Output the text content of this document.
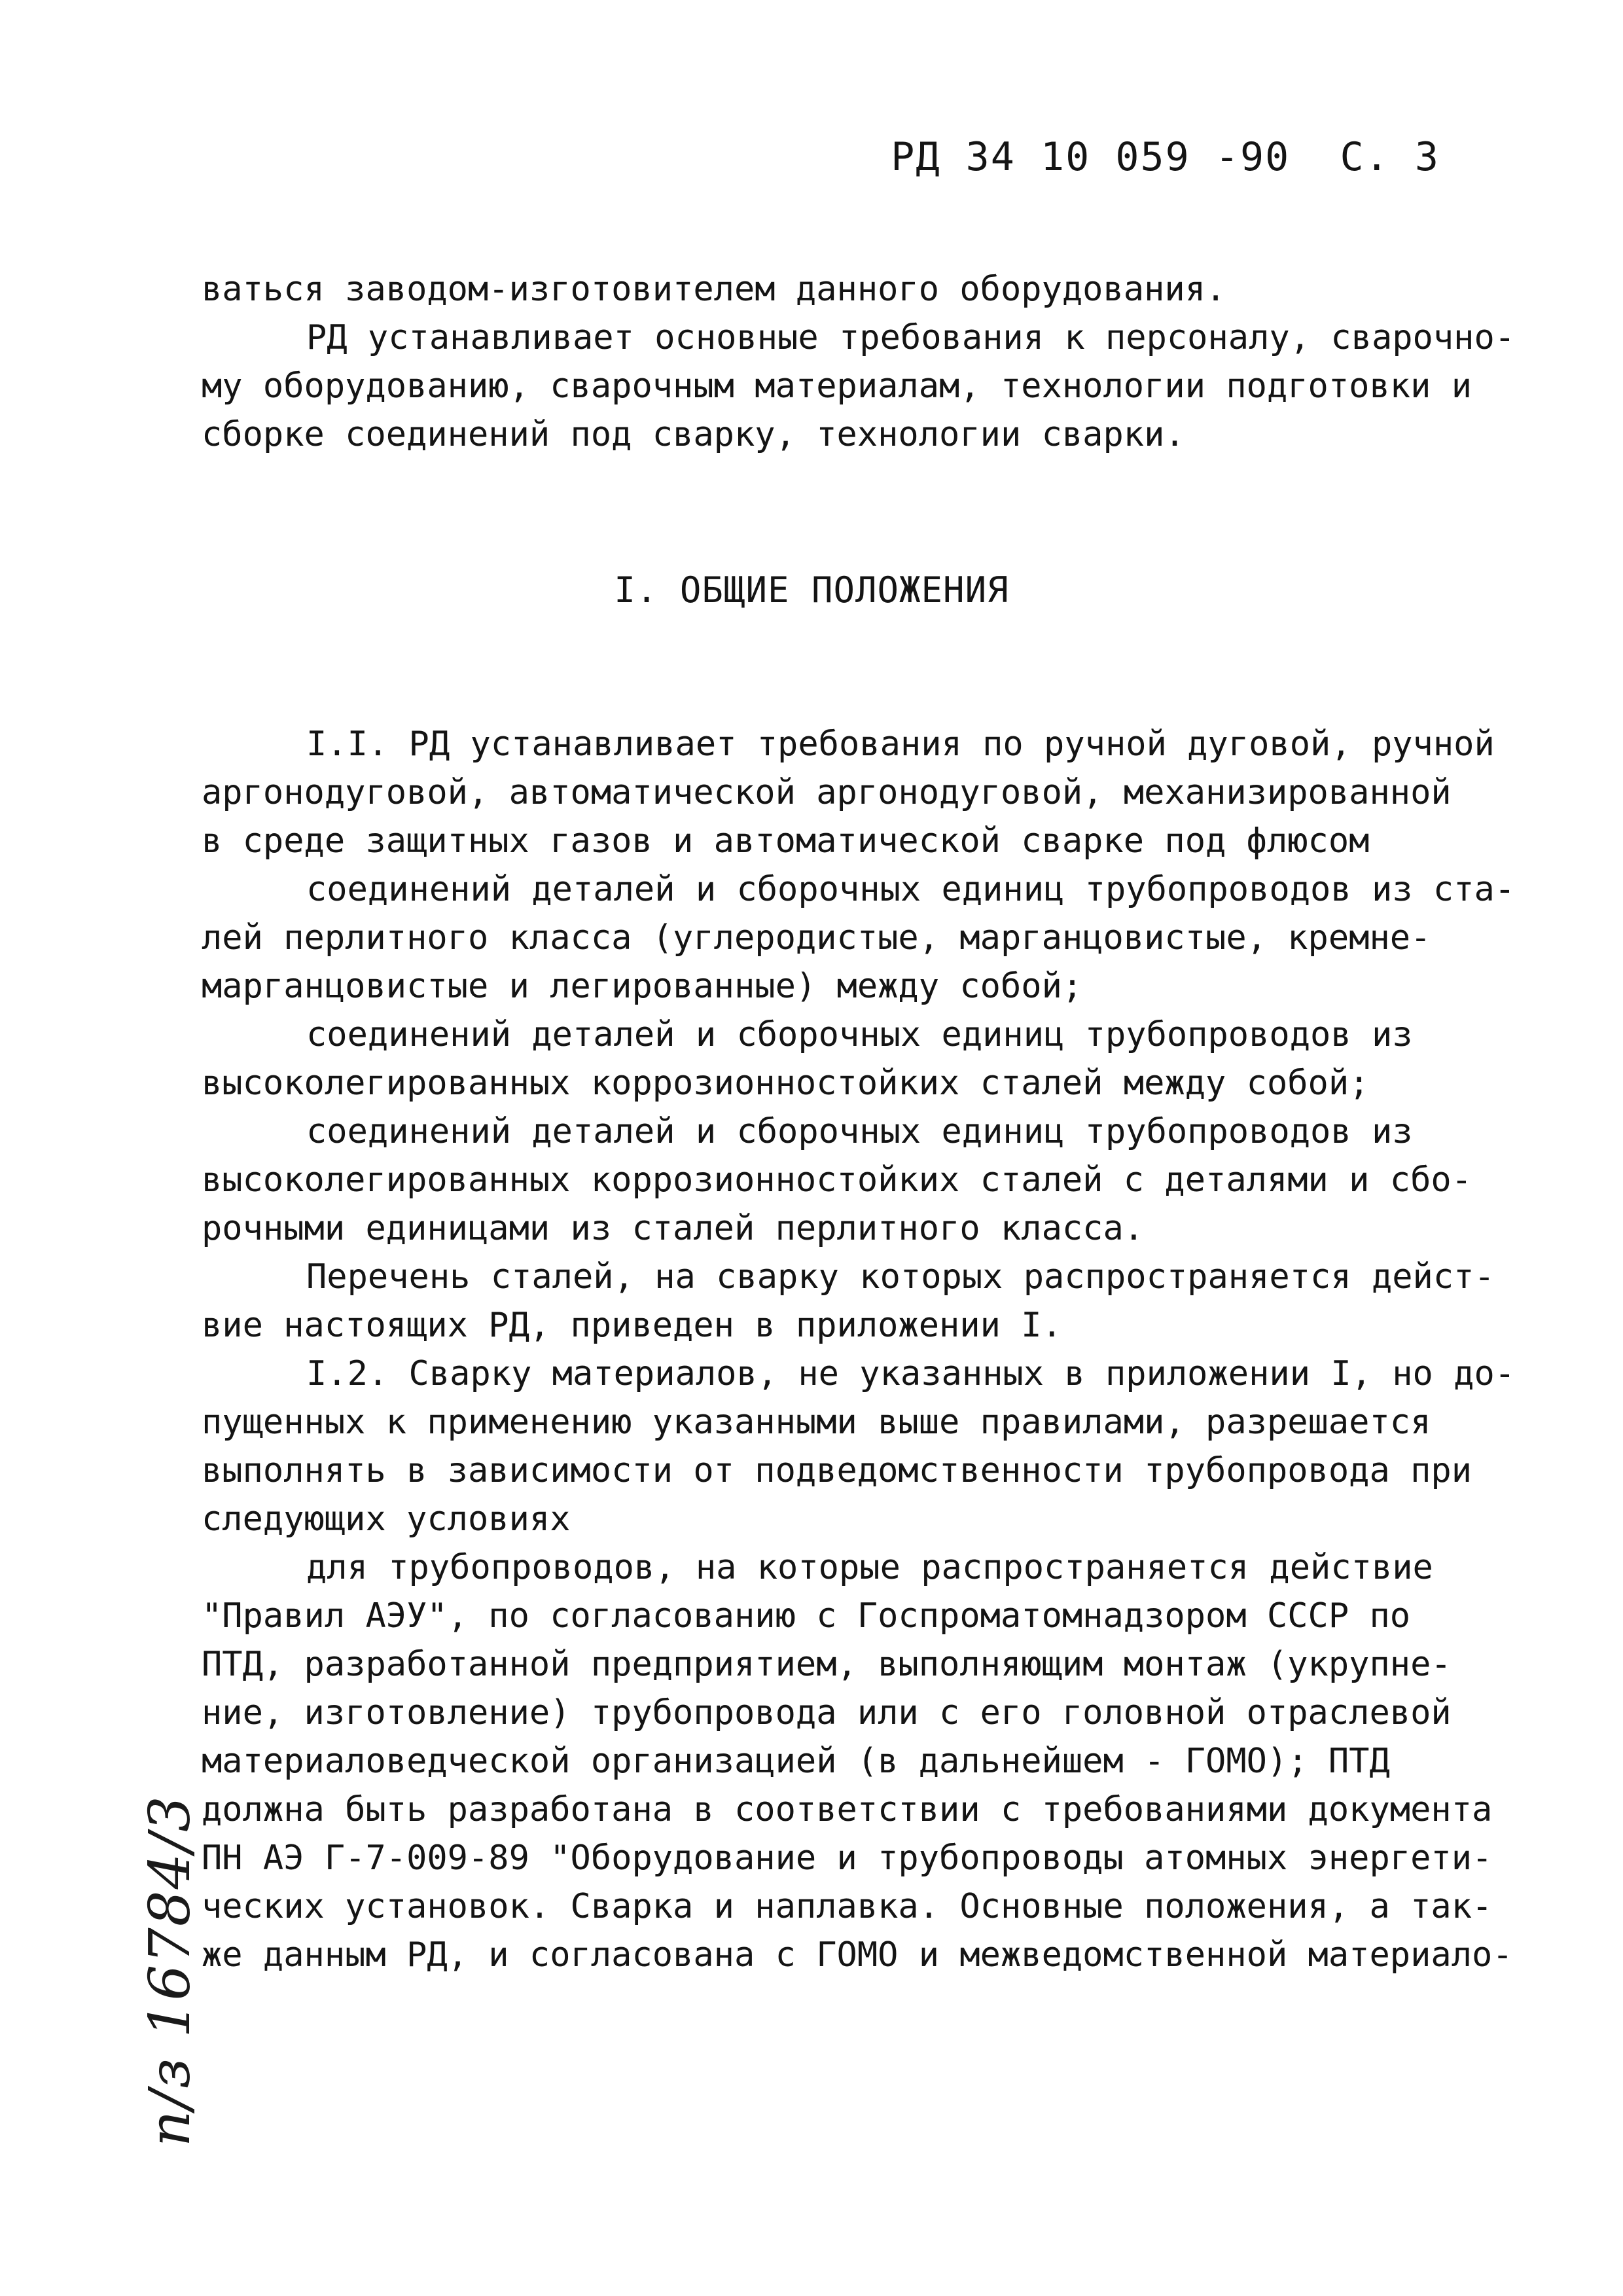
РД 34 10 059 -90  С. 3
ваться заводом-изготовителем данного оборудования.
РД устанавливает основные требования к персоналу, сварочно-
му оборудованию, сварочным материалам, технологии подготовки и
сборке соединений под сварку, технологии сварки.
I. ОБЩИЕ ПОЛОЖЕНИЯ
I.I. РД устанавливает требования по ручной дуговой, ручной
аргонодуговой, автоматической аргонодуговой, механизированной
в среде защитных газов и автоматической сварке под флюсом
соединений деталей и сборочных единиц трубопроводов из ста-
лей перлитного класса (углеродистые, марганцовистые, кремне-
марганцовистые и легированные) между собой;
соединений деталей и сборочных единиц трубопроводов из
высоколегированных коррозионностойких сталей между собой;
соединений деталей и сборочных единиц трубопроводов из
высоколегированных коррозионностойких сталей с деталями и сбо-
рочными единицами из сталей перлитного класса.
Перечень сталей, на сварку которых распространяется дейст-
вие настоящих РД, приведен в приложении I.
I.2. Сварку материалов, не указанных в приложении I, но до-
пущенных к применению указанными выше правилами, разрешается
выполнять в зависимости от подведомственности трубопровода при
следующих условиях
для трубопроводов, на которые распространяется действие
"Правил АЭУ", по согласованию с Госпроматомнадзором СССР по
ПТД, разработанной предприятием, выполняющим монтаж (укрупне-
ние, изготовление) трубопровода или с его головной отраслевой
материаловедческой организацией (в дальнейшем - ГОМО); ПТД
должна быть разработана в соответствии с требованиями документа
ПН АЭ Г-7-009-89 "Оборудование и трубопроводы атомных энергети-
ческих установок. Сварка и наплавка. Основные положения, а так-
же данным РД, и согласована с ГОМО и межведомственной материало-
п/з 16784/3
